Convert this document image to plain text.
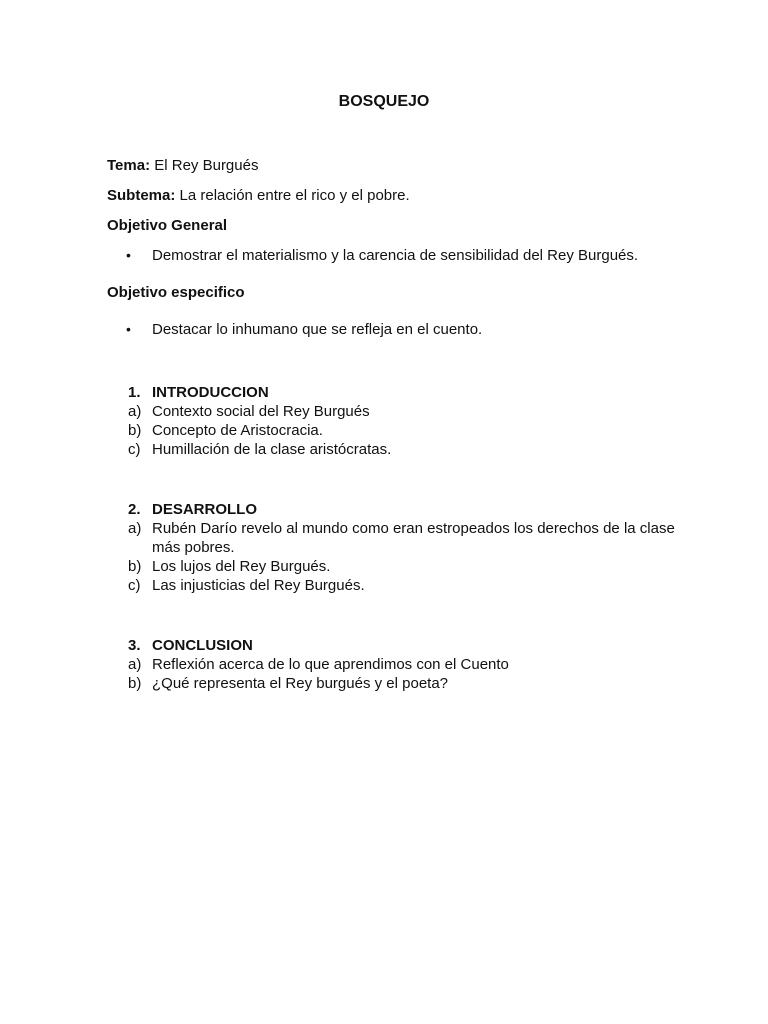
BOSQUEJO
Tema: El Rey Burgués
Subtema: La relación entre el rico y el pobre.
Objetivo General
•	Demostrar el materialismo y la carencia de sensibilidad del Rey Burgués.
Objetivo especifico
•	Destacar lo inhumano que se refleja en el cuento.
1. INTRODUCCION
a) Contexto social del Rey Burgués
b) Concepto de Aristocracia.
c) Humillación de la clase aristócratas.
2. DESARROLLO
a) Rubén Darío revelo al mundo como eran estropeados los derechos de la clase más pobres.
b) Los lujos del Rey Burgués.
c) Las injusticias del Rey Burgués.
3. CONCLUSION
a) Reflexión acerca de lo que aprendimos con el Cuento
b) ¿Qué representa el Rey burgués y el poeta?
